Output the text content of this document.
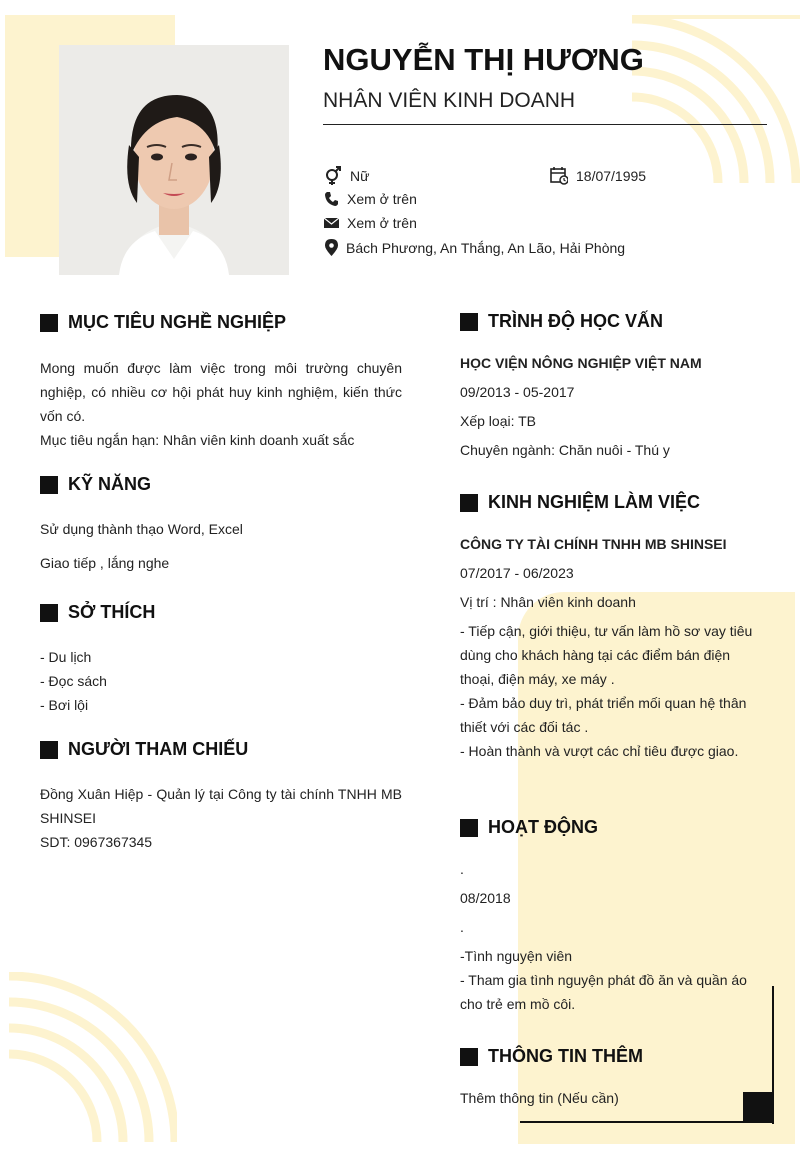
NGUYỄN THỊ HƯƠNG
NHÂN VIÊN KINH DOANH
Nữ	18/07/1995
Xem ở trên
Xem ở trên
Bách Phương, An Thắng, An Lão, Hải Phòng
MỤC TIÊU NGHỀ NGHIỆP
Mong muốn được làm việc trong môi trường chuyên nghiệp, có nhiều cơ hội phát huy kinh nghiệm, kiến thức vốn có.
Mục tiêu ngắn hạn: Nhân viên kinh doanh xuất sắc
KỸ NĂNG
Sử dụng thành thạo Word, Excel
Giao tiếp , lắng nghe
SỞ THÍCH
- Du lịch
- Đọc sách
- Bơi lội
NGƯỜI THAM CHIẾU
Đồng Xuân Hiệp - Quản lý tại Công ty tài chính TNHH MB SHINSEI
SDT: 0967367345
TRÌNH ĐỘ HỌC VẤN
HỌC VIỆN NÔNG NGHIỆP VIỆT NAM
09/2013 - 05-2017
Xếp loại: TB
Chuyên ngành: Chăn nuôi - Thú y
KINH NGHIỆM LÀM VIỆC
CÔNG TY TÀI CHÍNH TNHH MB SHINSEI
07/2017 - 06/2023
Vị trí : Nhân viên kinh doanh
- Tiếp cận, giới thiệu, tư vấn làm hồ sơ vay tiêu dùng cho khách hàng tại các điểm bán điện thoại, điện máy, xe máy .
- Đảm bảo duy trì, phát triển mối quan hệ thân thiết với các đối tác .
- Hoàn thành và vượt các chỉ tiêu được giao.
HOẠT ĐỘNG
.
08/2018
.
-Tình nguyện viên
- Tham gia tình nguyện phát đồ ăn và quần áo cho trẻ em mồ côi.
THÔNG TIN THÊM
Thêm thông tin (Nếu cần)
